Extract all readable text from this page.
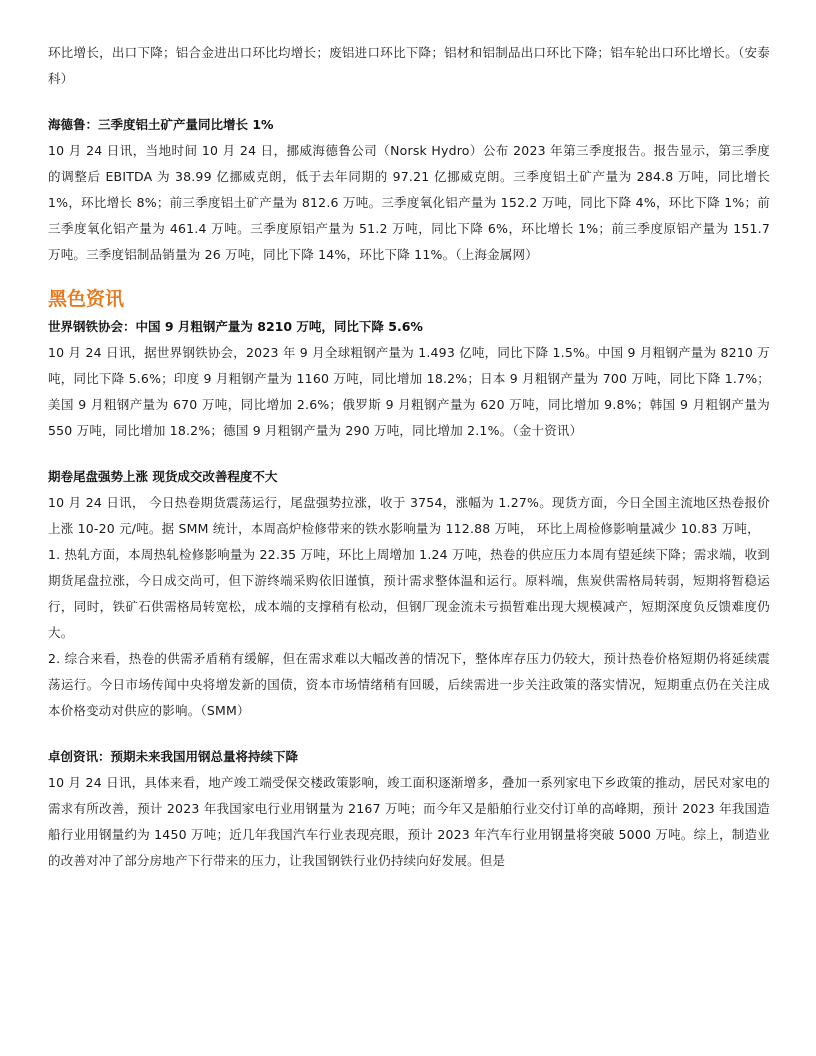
环比增长，出口下降；铝合金进出口环比均增长；废铝进口环比下降；铝材和铝制品出口环比下降；铝车轮出口环比增长。（安泰科）

海德鲁：三季度铝土矿产量同比增长 1%

10 月 24 日讯，当地时间 10 月 24 日，挪威海德鲁公司（Norsk Hydro）公布 2023 年第三季度报告。报告显示，第三季度的调整后 EBITDA 为 38.99 亿挪威克朗，低于去年同期的 97.21 亿挪威克朗。三季度铝土矿产量为 284.8 万吨，同比增长 1%，环比增长 8%；前三季度铝土矿产量为 812.6 万吨。三季度氧化铝产量为 152.2 万吨，同比下降 4%，环比下降 1%；前三季度氧化铝产量为 461.4 万吨。三季度原铝产量为 51.2 万吨，同比下降 6%，环比增长 1%；前三季度原铝产量为 151.7 万吨。三季度铝制品销量为 26 万吨，同比下降 14%，环比下降 11%。（上海金属网）

黑色资讯

世界钢铁协会：中国 9 月粗钢产量为 8210 万吨，同比下降 5.6%

10 月 24 日讯，据世界钢铁协会，2023 年 9 月全球粗钢产量为 1.493 亿吨，同比下降 1.5%。中国 9 月粗钢产量为 8210 万吨，同比下降 5.6%；印度 9 月粗钢产量为 1160 万吨，同比增加 18.2%；日本 9 月粗钢产量为 700 万吨，同比下降 1.7%；美国 9 月粗钢产量为 670 万吨，同比增加 2.6%；俄罗斯 9 月粗钢产量为 620 万吨，同比增加 9.8%；韩国 9 月粗钢产量为 550 万吨，同比增加 18.2%；德国 9 月粗钢产量为 290 万吨，同比增加 2.1%。（金十资讯）

期卷尾盘强势上涨 现货成交改善程度不大

10 月 24 日讯， 今日热卷期货震荡运行，尾盘强势拉涨，收于 3754，涨幅为 1.27%。现货方面，今日全国主流地区热卷报价上涨 10-20 元/吨。据 SMM 统计，本周高炉检修带来的铁水影响量为 112.88 万吨， 环比上周检修影响量减少 10.83 万吨，

1. 热轧方面，本周热轧检修影响量为 22.35 万吨，环比上周增加 1.24 万吨，热卷的供应压力本周有望延续下降；需求端，收到期货尾盘拉涨，今日成交尚可，但下游终端采购依旧谨慎，预计需求整体温和运行。原料端，焦炭供需格局转弱，短期将暂稳运行，同时，铁矿石供需格局转宽松，成本端的支撑稍有松动，但钢厂现金流未亏损暂难出现大规模减产，短期深度负反馈难度仍大。

2. 综合来看，热卷的供需矛盾稍有缓解，但在需求难以大幅改善的情况下，整体库存压力仍较大，预计热卷价格短期仍将延续震荡运行。今日市场传闻中央将增发新的国债，资本市场情绪稍有回暖，后续需进一步关注政策的落实情况，短期重点仍在关注成本价格变动对供应的影响。（SMM）

卓创资讯：预期未来我国用钢总量将持续下降

10 月 24 日讯，具体来看，地产竣工端受保交楼政策影响，竣工面积逐渐增多，叠加一系列家电下乡政策的推动，居民对家电的需求有所改善，预计 2023 年我国家电行业用钢量为 2167 万吨；而今年又是船舶行业交付订单的高峰期，预计 2023 年我国造船行业用钢量约为 1450 万吨；近几年我国汽车行业表现亮眼，预计 2023 年汽车行业用钢量将突破 5000 万吨。综上，制造业的改善对冲了部分房地产下行带来的压力，让我国钢铁行业仍持续向好发展。但是
